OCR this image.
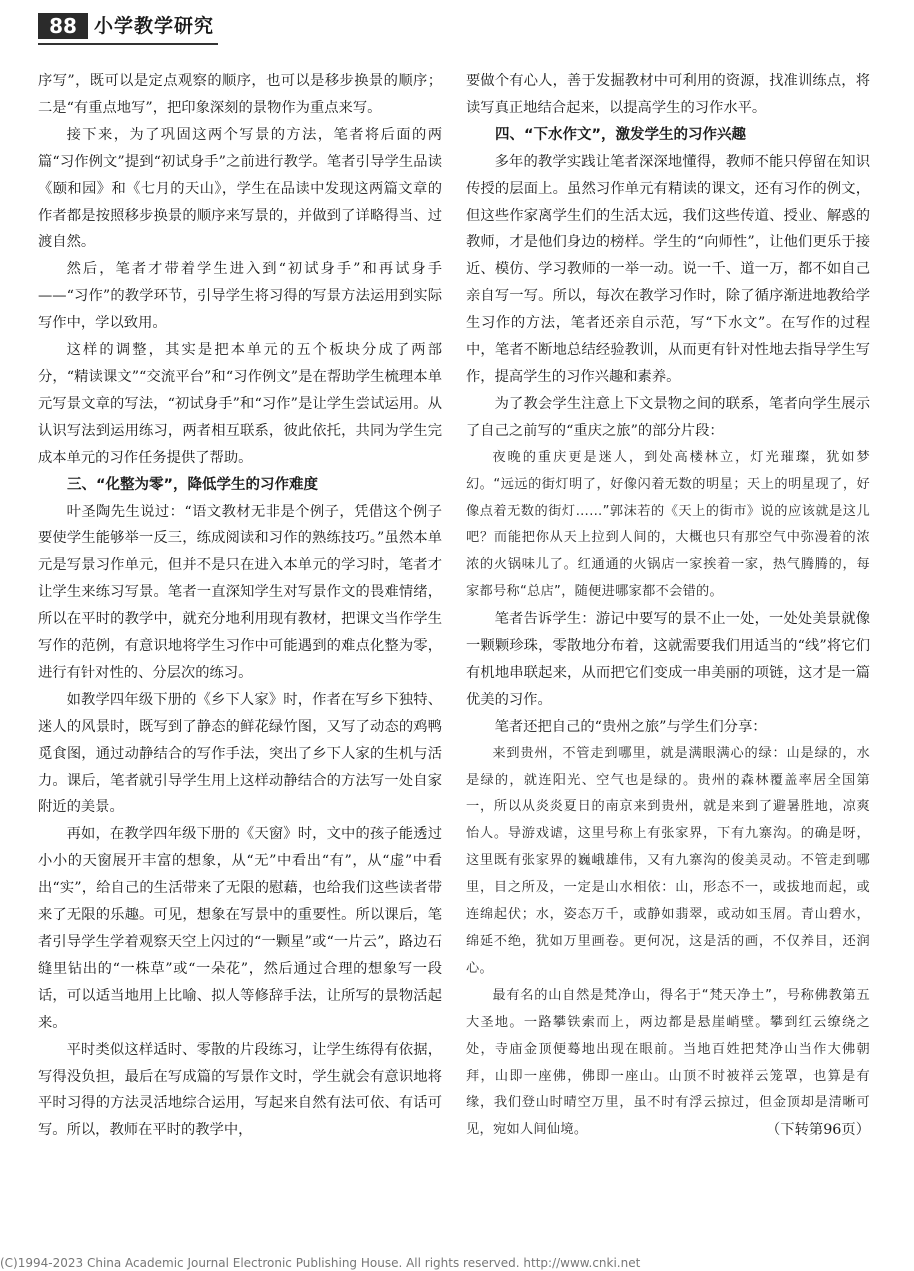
88 小学教学研究

序写”，既可以是定点观察的顺序，也可以是移步换景的顺序；二是“有重点地写”，把印象深刻的景物作为重点来写。

接下来，为了巩固这两个写景的方法，笔者将后面的两篇“习作例文”提到“初试身手”之前进行教学。笔者引导学生品读《颐和园》和《七月的天山》，学生在品读中发现这两篇文章的作者都是按照移步换景的顺序来写景的，并做到了详略得当、过渡自然。

然后，笔者才带着学生进入到“初试身手”和再试身手——“习作”的教学环节，引导学生将习得的写景方法运用到实际写作中，学以致用。

这样的调整，其实是把本单元的五个板块分成了两部分，“精读课文”“交流平台”和“习作例文”是在帮助学生梳理本单元写景文章的写法，“初试身手”和“习作”是让学生尝试运用。从认识写法到运用练习，两者相互联系，彼此依托，共同为学生完成本单元的习作任务提供了帮助。

三、“化整为零”，降低学生的习作难度

叶圣陶先生说过：“语文教材无非是个例子，凭借这个例子要使学生能够举一反三，练成阅读和习作的熟练技巧。”虽然本单元是写景习作单元，但并不是只在进入本单元的学习时，笔者才让学生来练习写景。笔者一直深知学生对写景作文的畏难情绪，所以在平时的教学中，就充分地利用现有教材，把课文当作学生写作的范例，有意识地将学生习作中可能遇到的难点化整为零，进行有针对性的、分层次的练习。

如教学四年级下册的《乡下人家》时，作者在写乡下独特、迷人的风景时，既写到了静态的鲜花绿竹图，又写了动态的鸡鸭觅食图，通过动静结合的写作手法，突出了乡下人家的生机与活力。课后，笔者就引导学生用上这样动静结合的方法写一处自家附近的美景。

再如，在教学四年级下册的《天窗》时，文中的孩子能透过小小的天窗展开丰富的想象，从“无”中看出“有”，从“虚”中看出“实”，给自己的生活带来了无限的慰藉，也给我们这些读者带来了无限的乐趣。可见，想象在写景中的重要性。所以课后，笔者引导学生学着观察天空上闪过的“一颗星”或“一片云”，路边石缝里钻出的“一株草”或“一朵花”，然后通过合理的想象写一段话，可以适当地用上比喻、拟人等修辞手法，让所写的景物活起来。

平时类似这样适时、零散的片段练习，让学生练得有依据，写得没负担，最后在写成篇的写景作文时，学生就会有意识地将平时习得的方法灵活地综合运用，写起来自然有法可依、有话可写。所以，教师在平时的教学中，

要做个有心人，善于发掘教材中可利用的资源，找准训练点，将读写真正地结合起来，以提高学生的习作水平。

四、“下水作文”，激发学生的习作兴趣

多年的教学实践让笔者深深地懂得，教师不能只停留在知识传授的层面上。虽然习作单元有精读的课文，还有习作的例文，但这些作家离学生们的生活太远，我们这些传道、授业、解惑的教师，才是他们身边的榜样。学生的“向师性”，让他们更乐于接近、模仿、学习教师的一举一动。说一千、道一万，都不如自己亲自写一写。所以，每次在教学习作时，除了循序渐进地教给学生习作的方法，笔者还亲自示范，写“下水文”。在写作的过程中，笔者不断地总结经验教训，从而更有针对性地去指导学生写作，提高学生的习作兴趣和素养。

为了教会学生注意上下文景物之间的联系，笔者向学生展示了自己之前写的“重庆之旅”的部分片段：

夜晚的重庆更是迷人，到处高楼林立，灯光璀璨，犹如梦幻。“远远的街灯明了，好像闪着无数的明星；天上的明星现了，好像点着无数的街灯……”郭沫若的《天上的街市》说的应该就是这儿吧？而能把你从天上拉到人间的，大概也只有那空气中弥漫着的浓浓的火锅味儿了。红通通的火锅店一家挨着一家，热气腾腾的，每家都号称“总店”，随便进哪家都不会错的。

笔者告诉学生：游记中要写的景不止一处，一处处美景就像一颗颗珍珠，零散地分布着，这就需要我们用适当的“线”将它们有机地串联起来，从而把它们变成一串美丽的项链，这才是一篇优美的习作。

笔者还把自己的“贵州之旅”与学生们分享：

来到贵州，不管走到哪里，就是满眼满心的绿：山是绿的，水是绿的，就连阳光、空气也是绿的。贵州的森林覆盖率居全国第一，所以从炎炎夏日的南京来到贵州，就是来到了避暑胜地，凉爽怡人。导游戏谑，这里号称上有张家界，下有九寨沟。的确是呀，这里既有张家界的巍峨雄伟，又有九寨沟的俊美灵动。不管走到哪里，目之所及，一定是山水相依：山，形态不一，或拔地而起，或连绵起伏；水，姿态万千，或静如翡翠，或动如玉屑。青山碧水，绵延不绝，犹如万里画卷。更何况，这是活的画，不仅养目，还润心。

最有名的山自然是梵净山，得名于“梵天净土”，号称佛教第五大圣地。一路攀铁索而上，两边都是悬崖峭壁。攀到红云缭绕之处，寺庙金顶便蓦地出现在眼前。当地百姓把梵净山当作大佛朝拜，山即一座佛，佛即一座山。山顶不时被祥云笼罩，也算是有缘，我们登山时晴空万里，虽不时有浮云掠过，但金顶却是清晰可见，宛如人间仙境。	（下转第96页）

(C)1994-2023 China Academic Journal Electronic Publishing House. All rights reserved. http://www.cnki.net
